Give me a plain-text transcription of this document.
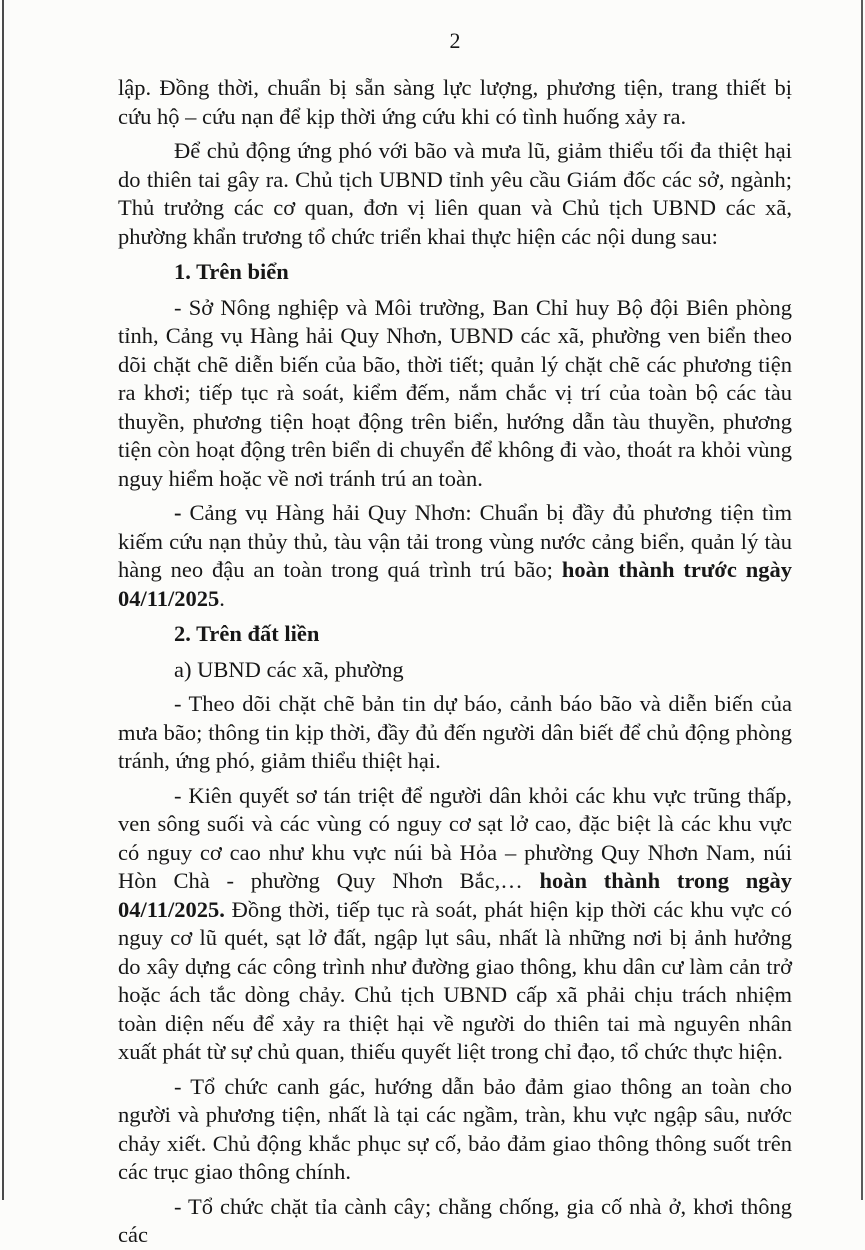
2

lập. Đồng thời, chuẩn bị sẵn sàng lực lượng, phương tiện, trang thiết bị cứu hộ – cứu nạn để kịp thời ứng cứu khi có tình huống xảy ra.

Để chủ động ứng phó với bão và mưa lũ, giảm thiểu tối đa thiệt hại do thiên tai gây ra. Chủ tịch UBND tỉnh yêu cầu Giám đốc các sở, ngành; Thủ trưởng các cơ quan, đơn vị liên quan và Chủ tịch UBND các xã, phường khẩn trương tổ chức triển khai thực hiện các nội dung sau:

1. Trên biển

- Sở Nông nghiệp và Môi trường, Ban Chỉ huy Bộ đội Biên phòng tỉnh, Cảng vụ Hàng hải Quy Nhơn, UBND các xã, phường ven biển theo dõi chặt chẽ diễn biến của bão, thời tiết; quản lý chặt chẽ các phương tiện ra khơi; tiếp tục rà soát, kiểm đếm, nắm chắc vị trí của toàn bộ các tàu thuyền, phương tiện hoạt động trên biển, hướng dẫn tàu thuyền, phương tiện còn hoạt động trên biển di chuyển để không đi vào, thoát ra khỏi vùng nguy hiểm hoặc về nơi tránh trú an toàn.

- Cảng vụ Hàng hải Quy Nhơn: Chuẩn bị đầy đủ phương tiện tìm kiếm cứu nạn thủy thủ, tàu vận tải trong vùng nước cảng biển, quản lý tàu hàng neo đậu an toàn trong quá trình trú bão; hoàn thành trước ngày 04/11/2025.

2. Trên đất liền

a) UBND các xã, phường

- Theo dõi chặt chẽ bản tin dự báo, cảnh báo bão và diễn biến của mưa bão; thông tin kịp thời, đầy đủ đến người dân biết để chủ động phòng tránh, ứng phó, giảm thiểu thiệt hại.

- Kiên quyết sơ tán triệt để người dân khỏi các khu vực trũng thấp, ven sông suối và các vùng có nguy cơ sạt lở cao, đặc biệt là các khu vực có nguy cơ cao như khu vực núi bà Hỏa – phường Quy Nhơn Nam, núi Hòn Chà - phường Quy Nhơn Bắc,… hoàn thành trong ngày 04/11/2025. Đồng thời, tiếp tục rà soát, phát hiện kịp thời các khu vực có nguy cơ lũ quét, sạt lở đất, ngập lụt sâu, nhất là những nơi bị ảnh hưởng do xây dựng các công trình như đường giao thông, khu dân cư làm cản trở hoặc ách tắc dòng chảy. Chủ tịch UBND cấp xã phải chịu trách nhiệm toàn diện nếu để xảy ra thiệt hại về người do thiên tai mà nguyên nhân xuất phát từ sự chủ quan, thiếu quyết liệt trong chỉ đạo, tổ chức thực hiện.

- Tổ chức canh gác, hướng dẫn bảo đảm giao thông an toàn cho người và phương tiện, nhất là tại các ngầm, tràn, khu vực ngập sâu, nước chảy xiết. Chủ động khắc phục sự cố, bảo đảm giao thông thông suốt trên các trục giao thông chính.

- Tổ chức chặt tỉa cành cây; chằng chống, gia cố nhà ở, khơi thông các
